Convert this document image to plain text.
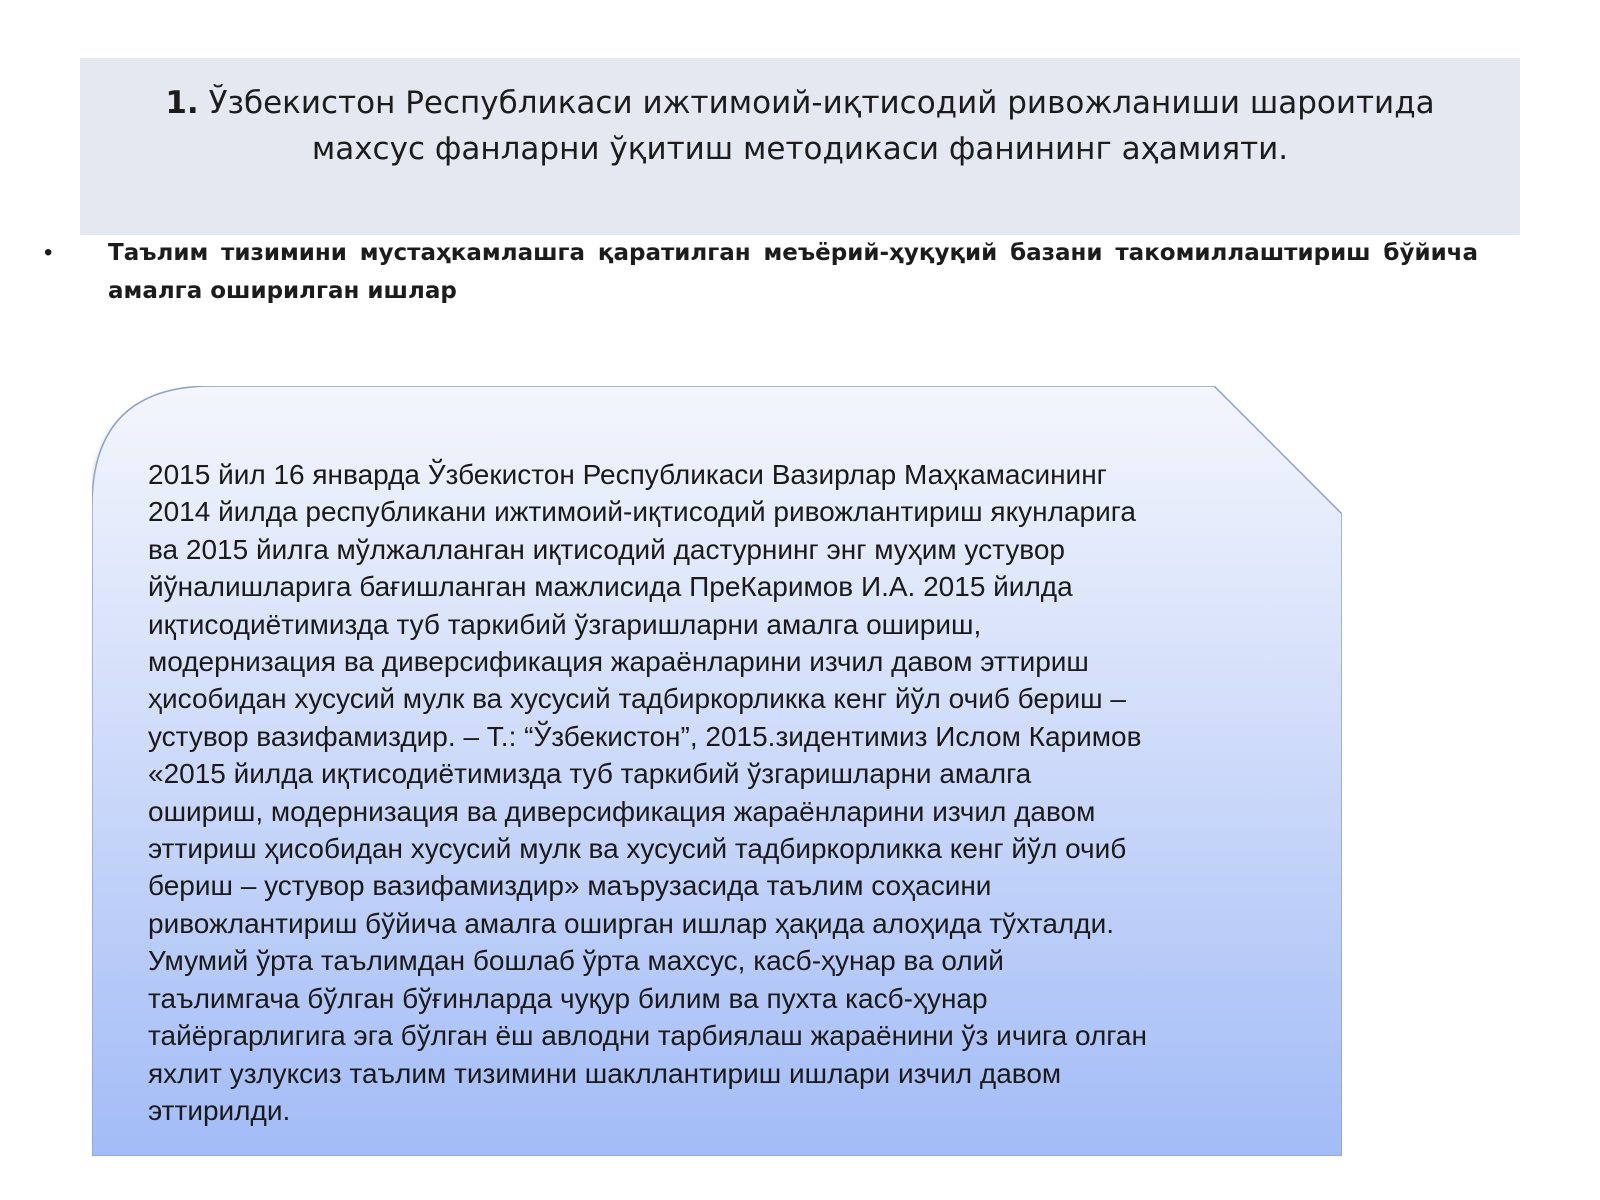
1. Ўзбекистон Республикаси ижтимоий-иқтисодий ривожланиши шароитида
махсус фанларни ўқитиш методикаси фанининг аҳамияти.
• Таълим тизимини мустаҳкамлашга қаратилган меъёрий-ҳуқуқий базани такомиллаштириш бўйича амалга оширилган ишлар
2015 йил 16 январда Ўзбекистон Республикаси Вазирлар Маҳкамасининг
2014 йилда республикани ижтимоий-иқтисодий ривожлантириш якунларига
ва 2015 йилга мўлжалланган иқтисодий дастурнинг энг муҳим устувор
йўналишларига бағишланган мажлисида ПреКаримов И.А. 2015 йилда
иқтисодиётимизда туб таркибий ўзгаришларни амалга ошириш,
модернизация ва диверсификация жараёнларини изчил давом эттириш
ҳисобидан хусусий мулк ва хусусий тадбиркорликка кенг йўл очиб бериш –
устувор вазифамиздир. – Т.: “Ўзбекистон”, 2015.зидентимиз Ислом Каримов
«2015 йилда иқтисодиётимизда туб таркибий ўзгаришларни амалга
ошириш, модернизация ва диверсификация жараёнларини изчил давом
эттириш ҳисобидан хусусий мулк ва хусусий тадбиркорликка кенг йўл очиб
бериш – устувор вазифамиздир» маърузасида таълим соҳасини
ривожлантириш бўйича амалга оширган ишлар ҳақида алоҳида тўхталди.
Умумий ўрта таълимдан бошлаб ўрта махсус, касб-ҳунар ва олий
таълимгача бўлган бўғинларда чуқур билим ва пухта касб-ҳунар
тайёргарлигига эга бўлган ёш авлодни тарбиялаш жараёнини ўз ичига олган
яхлит узлуксиз таълим тизимини шакллантириш ишлари изчил давом
эттирилди.
